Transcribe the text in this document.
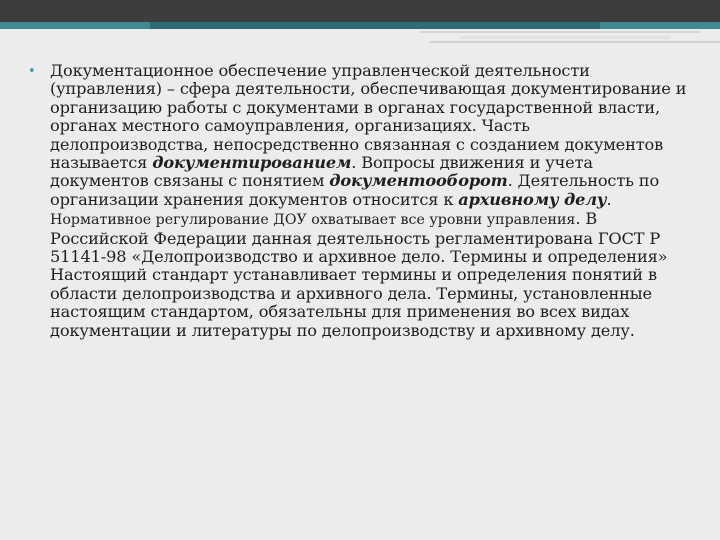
• Документационное обеспечение управленческой деятельности (управления) – сфера деятельности, обеспечивающая документирование и организацию работы с документами в органах государственной власти, органах местного самоуправления, организациях. Часть делопроизводства, непосредственно связанная с созданием документов называется документированием. Вопросы движения и учета документов связаны с понятием документооборот. Деятельность по организации хранения документов относится к архивному делу. Нормативное регулирование ДОУ охватывает все уровни управления. В Российской Федерации данная деятельность регламентирована ГОСТ Р 51141-98 «Делопроизводство и архивное дело. Термины и определения» Настоящий стандарт устанавливает термины и определения понятий в области делопроизводства и архивного дела. Термины, установленные настоящим стандартом, обязательны для применения во всех видах документации и литературы по делопроизводству и архивному делу.
